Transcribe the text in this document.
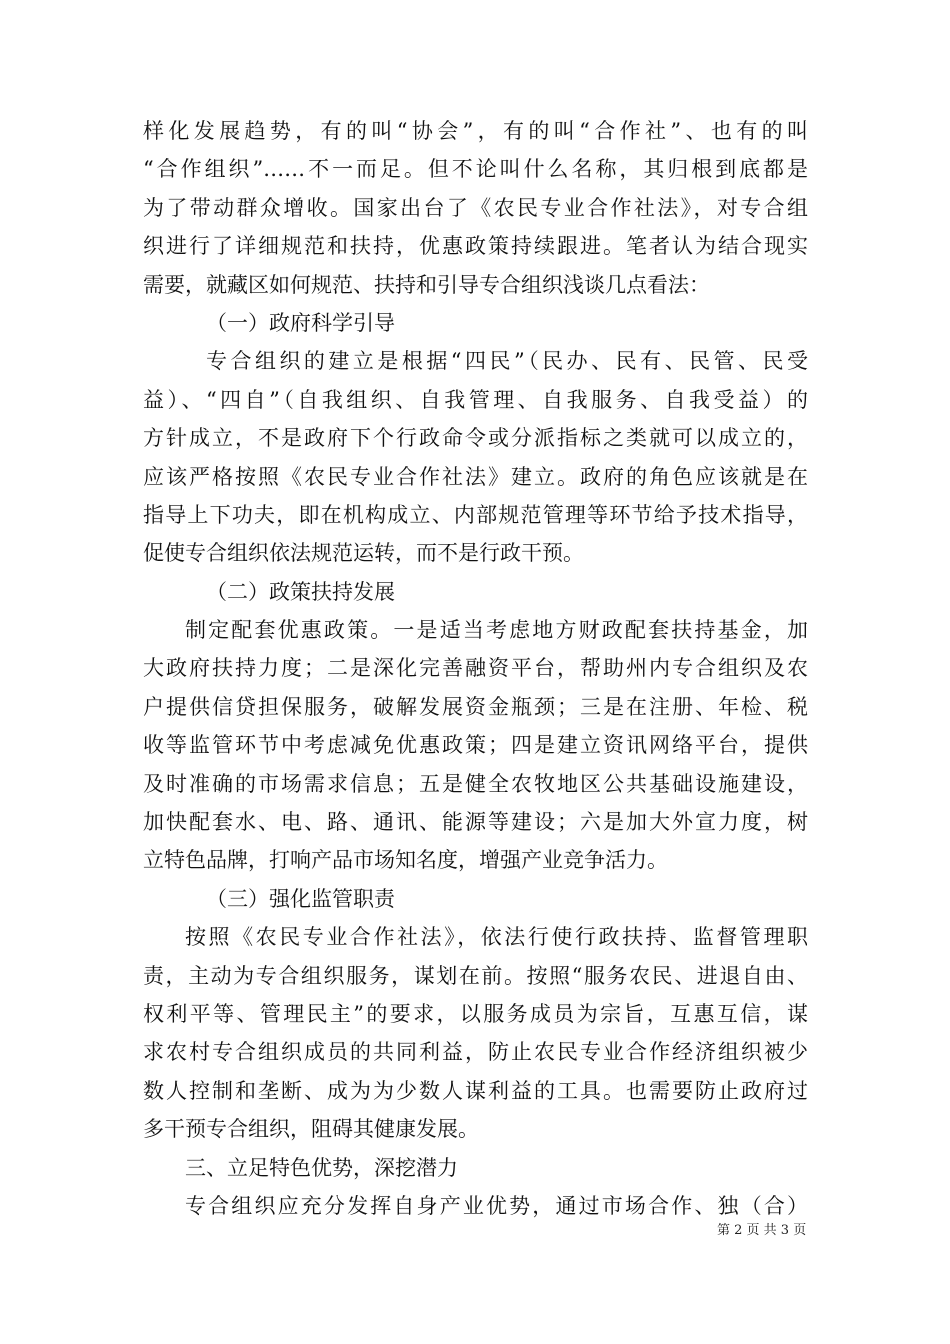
样化发展趋势，有的叫“协会”，有的叫“合作社”、也有的叫
“合作组织”……不一而足。但不论叫什么名称，其归根到底都是
为了带动群众增收。国家出台了《农民专业合作社法》，对专合组
织进行了详细规范和扶持，优惠政策持续跟进。笔者认为结合现实
需要，就藏区如何规范、扶持和引导专合组织浅谈几点看法：
（一）政府科学引导
专合组织的建立是根据“四民”（民办、民有、民管、民受
益）、“四自”（自我组织、自我管理、自我服务、自我受益）的
方针成立，不是政府下个行政命令或分派指标之类就可以成立的，
应该严格按照《农民专业合作社法》建立。政府的角色应该就是在
指导上下功夫，即在机构成立、内部规范管理等环节给予技术指导，
促使专合组织依法规范运转，而不是行政干预。
（二）政策扶持发展
制定配套优惠政策。一是适当考虑地方财政配套扶持基金，加
大政府扶持力度；二是深化完善融资平台，帮助州内专合组织及农
户提供信贷担保服务，破解发展资金瓶颈；三是在注册、年检、税
收等监管环节中考虑减免优惠政策；四是建立资讯网络平台，提供
及时准确的市场需求信息；五是健全农牧地区公共基础设施建设，
加快配套水、电、路、通讯、能源等建设；六是加大外宣力度，树
立特色品牌，打响产品市场知名度，增强产业竞争活力。
（三）强化监管职责
按照《农民专业合作社法》，依法行使行政扶持、监督管理职
责，主动为专合组织服务，谋划在前。按照“服务农民、进退自由、
权利平等、管理民主”的要求，以服务成员为宗旨，互惠互信，谋
求农村专合组织成员的共同利益，防止农民专业合作经济组织被少
数人控制和垄断、成为为少数人谋利益的工具。也需要防止政府过
多干预专合组织，阻碍其健康发展。
三、立足特色优势，深挖潜力
专合组织应充分发挥自身产业优势，通过市场合作、独（合）
第 2 页 共 3 页
